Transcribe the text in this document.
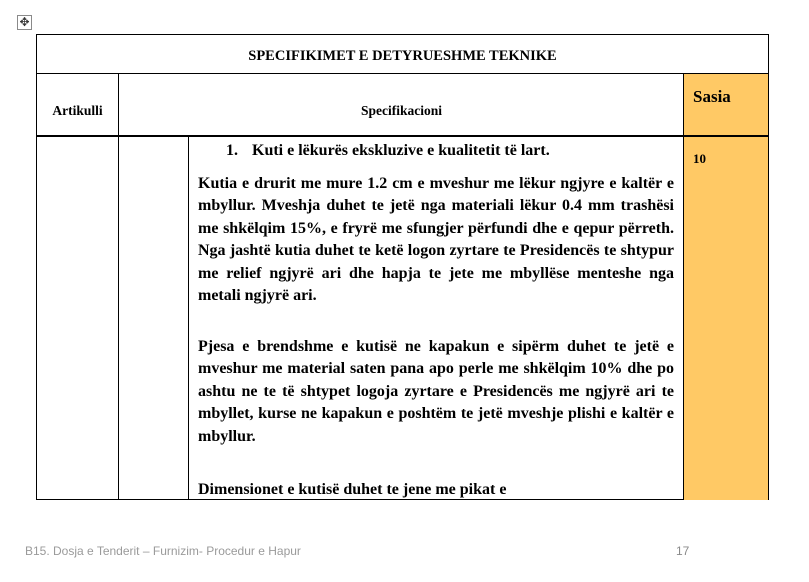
✥
SPECIFIKIMET E DETYRUESHME TEKNIKE
Artikulli	Specifikacioni
Sasia
10
1. Kuti e lëkurës ekskluzive e kualitetit të lart.

Kutia e drurit me mure 1.2 cm e mveshur me lëkur ngjyre e kaltër e mbyllur. Mveshja duhet te jetë nga materiali lëkur 0.4 mm trashësi me shkëlqim 15%, e fryrë me sfungjer përfundi dhe e qepur përreth. Nga jashtë kutia duhet te ketë logon zyrtare te Presidencës te shtypur me relief ngjyrë ari dhe hapja te jete me mbyllëse menteshe nga metali ngjyrë ari.

Pjesa e brendshme e kutisë ne kapakun e sipërm duhet te jetë e mveshur me material saten pana apo perle me shkëlqim 10% dhe po ashtu ne te të shtypet logoja zyrtare e Presidencës me ngjyrë ari te mbyllet, kurse ne kapakun e poshtëm te jetë mveshje plishi e kaltër e mbyllur.

Dimensionet e kutisë duhet te jene me pikat e

B15. Dosja e Tenderit – Furnizim- Procedur e Hapur	17
